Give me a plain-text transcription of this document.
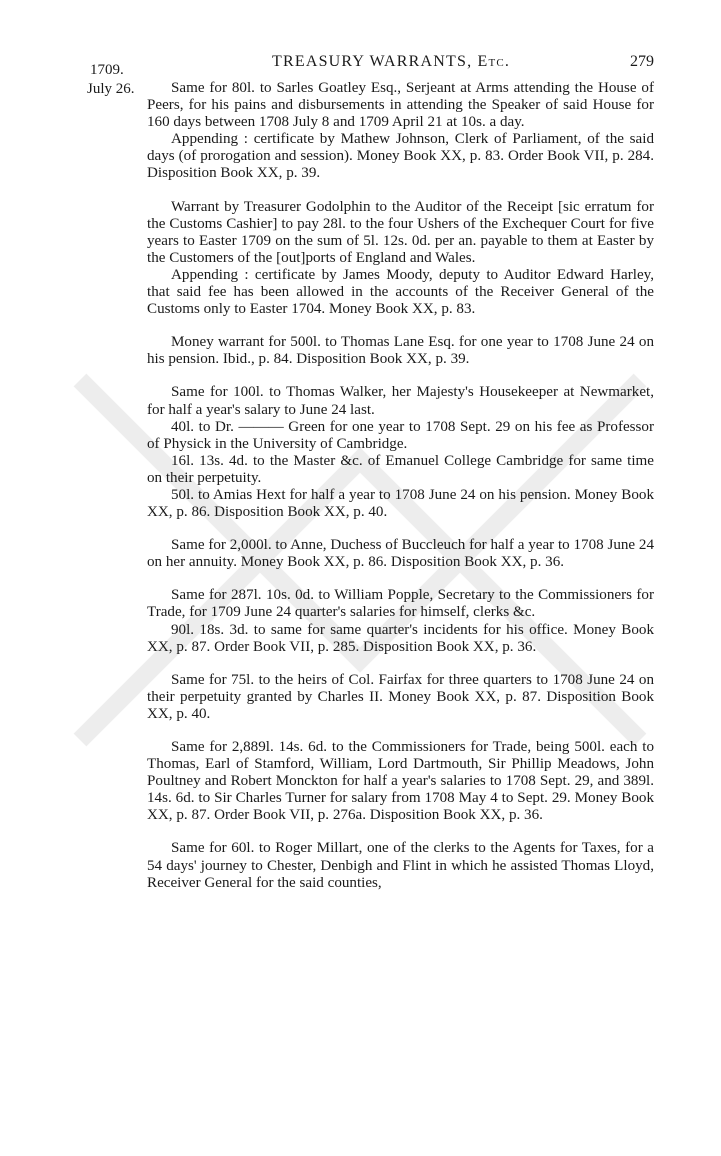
1709.	TREASURY WARRANTS, Etc.	279
July 26.	Same for 80l. to Sarles Goatley Esq., Serjeant at Arms attending the House of Peers, for his pains and disbursements in attending the Speaker of said House for 160 days between 1708 July 8 and 1709 April 21 at 10s. a day.

Appending : certificate by Mathew Johnson, Clerk of Parliament, of the said days (of prorogation and session). Money Book XX, p. 83. Order Book VII, p. 284. Disposition Book XX, p. 39.

Warrant by Treasurer Godolphin to the Auditor of the Receipt [sic erratum for the Customs Cashier] to pay 28l. to the four Ushers of the Exchequer Court for five years to Easter 1709 on the sum of 5l. 12s. 0d. per an. payable to them at Easter by the Customers of the [out]ports of England and Wales.

Appending : certificate by James Moody, deputy to Auditor Edward Harley, that said fee has been allowed in the accounts of the Receiver General of the Customs only to Easter 1704. Money Book XX, p. 83.

Money warrant for 500l. to Thomas Lane Esq. for one year to 1708 June 24 on his pension. Ibid., p. 84. Disposition Book XX, p. 39.

Same for 100l. to Thomas Walker, her Majesty's Housekeeper at Newmarket, for half a year's salary to June 24 last.

40l. to Dr. ——— Green for one year to 1708 Sept. 29 on his fee as Professor of Physick in the University of Cambridge.

16l. 13s. 4d. to the Master &c. of Emanuel College Cambridge for same time on their perpetuity.

50l. to Amias Hext for half a year to 1708 June 24 on his pension. Money Book XX, p. 86. Disposition Book XX, p. 40.

Same for 2,000l. to Anne, Duchess of Buccleuch for half a year to 1708 June 24 on her annuity. Money Book XX, p. 86. Disposition Book XX, p. 36.

Same for 287l. 10s. 0d. to William Popple, Secretary to the Commissioners for Trade, for 1709 June 24 quarter's salaries for himself, clerks &c.

90l. 18s. 3d. to same for same quarter's incidents for his office. Money Book XX, p. 87. Order Book VII, p. 285. Disposition Book XX, p. 36.

Same for 75l. to the heirs of Col. Fairfax for three quarters to 1708 June 24 on their perpetuity granted by Charles II. Money Book XX, p. 87. Disposition Book XX, p. 40.

Same for 2,889l. 14s. 6d. to the Commissioners for Trade, being 500l. each to Thomas, Earl of Stamford, William, Lord Dartmouth, Sir Phillip Meadows, John Poultney and Robert Monckton for half a year's salaries to 1708 Sept. 29, and 389l. 14s. 6d. to Sir Charles Turner for salary from 1708 May 4 to Sept. 29. Money Book XX, p. 87. Order Book VII, p. 276a. Disposition Book XX, p. 36.

Same for 60l. to Roger Millart, one of the clerks to the Agents for Taxes, for a 54 days' journey to Chester, Denbigh and Flint in which he assisted Thomas Lloyd, Receiver General for the said counties,
